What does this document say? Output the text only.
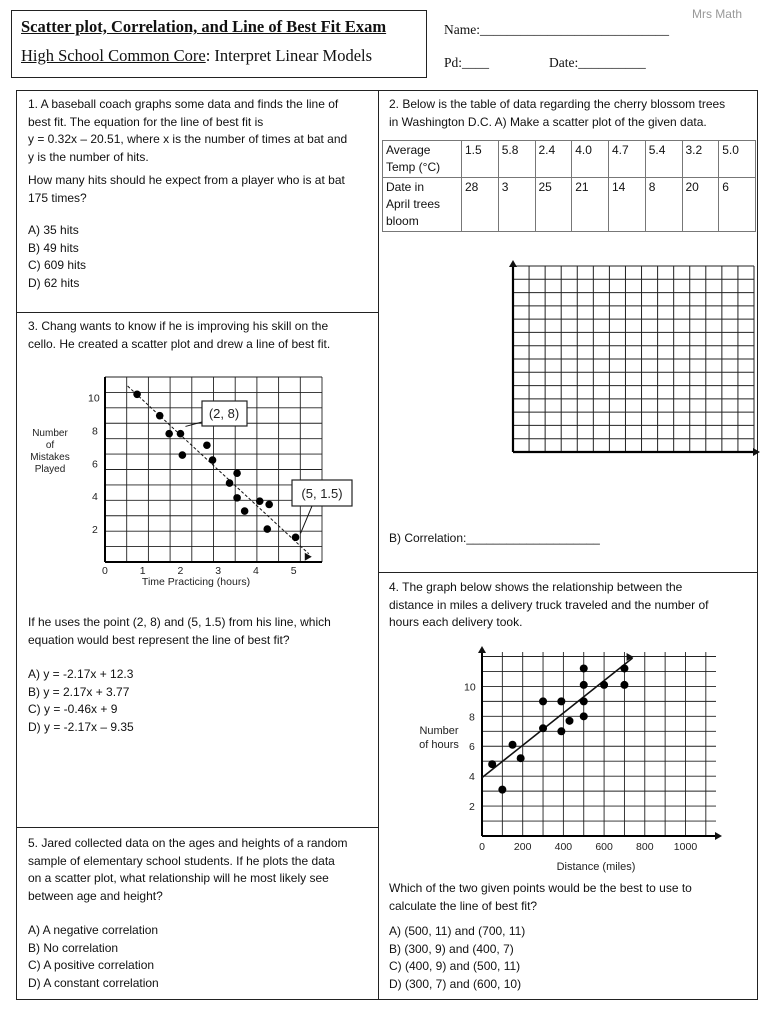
Scatter plot, Correlation, and Line of Best Fit Exam
High School Common Core: Interpret Linear Models
Mrs Math
Name:____________________________
Pd:____	Date:__________

1. A baseball coach graphs some data and finds the line of

best fit. The equation for the line of best fit is

y = 0.32x – 20.51, where x is the number of times at bat and

y is the number of hits.

How many hits should he expect from a player who is at bat

175 times?

A) 35 hits
B) 49 hits
C) 609 hits
D) 62 hits

2. Below is the table of data regarding the cherry blossom trees

in Washington D.C. A) Make a scatter plot of the given data.

Average
Temp (°C)	1.5	5.8	2.4	4.0	4.7	5.4	3.2	5.0

Date in
April trees
bloom	28	3	25	21	14	8	20	6
B) Correlation:____________________

3. Chang wants to know if he is improving his skill on the

cello. He created a scatter plot and drew a line of best fit.

0	1	2	3	4	5
2
4
6
8
10
Number
of
Mistakes
Played
Time Practicing (hours)
(2, 8)
(5, 1.5)

If he uses the point (2, 8) and (5, 1.5) from his line, which

equation would best represent the line of best fit?

A) y = -2.17x + 12.3
B) y = 2.17x + 3.77
C) y = -0.46x + 9
D) y = -2.17x – 9.35

4. The graph below shows the relationship between the

distance in miles a delivery truck traveled and the number of

hours each delivery took.

0	200 400 600 800 1000
2
4
6
8
10
Number
of hours
Distance (miles)

Which of the two given points would be the best to use to

calculate the line of best fit?

A) (500, 11) and (700, 11)
B) (300, 9) and (400, 7)
C) (400, 9) and (500, 11)
D) (300, 7) and (600, 10)

5. Jared collected data on the ages and heights of a random

sample of elementary school students. If he plots the data

on a scatter plot, what relationship will he most likely see

between age and height?

A) A negative correlation
B) No correlation
C) A positive correlation
D) A constant correlation
